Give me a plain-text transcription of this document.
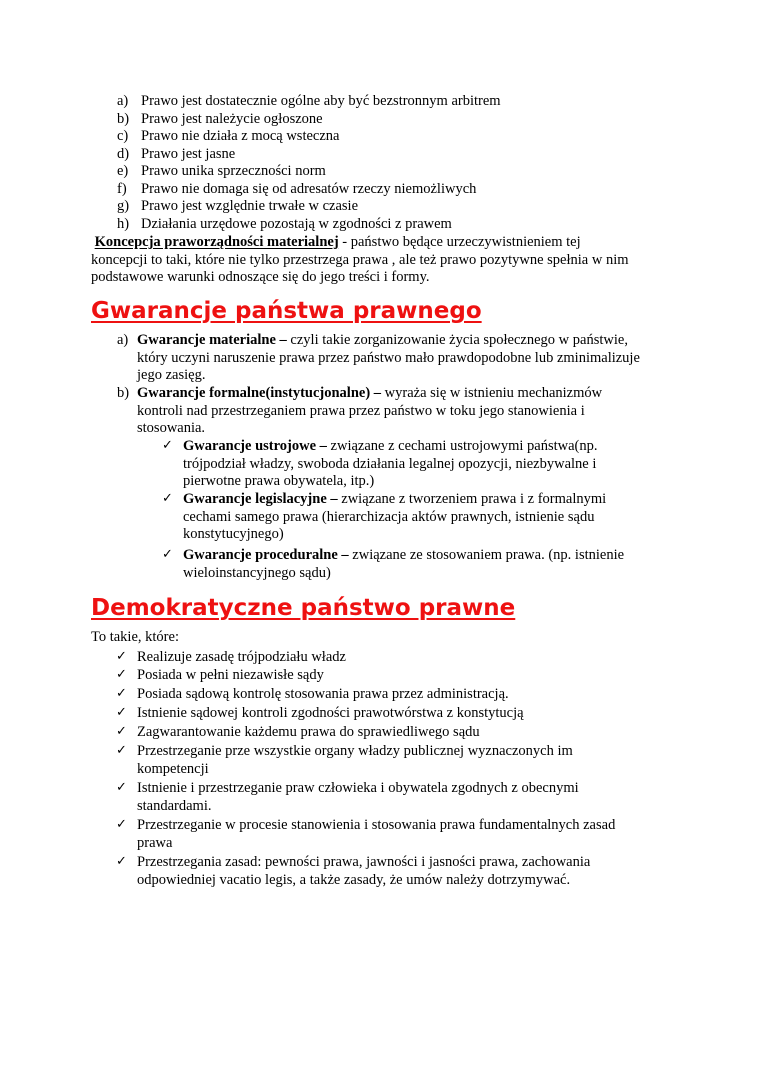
a) Prawo jest dostatecznie ogólne aby być bezstronnym arbitrem
b) Prawo jest należycie ogłoszone
c) Prawo nie działa z mocą wsteczna
d) Prawo jest jasne
e) Prawo unika sprzeczności norm
f) Prawo nie domaga się od adresatów rzeczy niemożliwych
g) Prawo jest względnie trwałe w czasie
h) Działania urzędowe pozostają w zgodności z prawem
Koncepcja praworządności materialnej - państwo będące urzeczywistnieniem tej
koncepcji to taki, które nie tylko przestrzega prawa , ale też prawo pozytywne spełnia w nim
podstawowe warunki odnoszące się do jego treści i formy.
Gwarancje państwa prawnego
a) Gwarancje materialne – czyli takie zorganizowanie życia społecznego w państwie,
który uczyni naruszenie prawa przez państwo mało prawdopodobne lub zminimalizuje
jego zasięg.
b) Gwarancje formalne(instytucjonalne) – wyraża się w istnieniu mechanizmów
kontroli nad przestrzeganiem prawa przez państwo w toku jego stanowienia i
stosowania.
✓ Gwarancje ustrojowe – związane z cechami ustrojowymi państwa(np.
trójpodział władzy, swoboda działania legalnej opozycji, niezbywalne i
pierwotne prawa obywatela, itp.)
✓ Gwarancje legislacyjne – związane z tworzeniem prawa i z formalnymi
cechami samego prawa (hierarchizacja aktów prawnych, istnienie sądu
konstytucyjnego)
✓ Gwarancje proceduralne – związane ze stosowaniem prawa. (np. istnienie
wieloinstancyjnego sądu)
Demokratyczne państwo prawne
To takie, które:
✓ Realizuje zasadę trójpodziału władz
✓ Posiada w pełni niezawisłe sądy
✓ Posiada sądową kontrolę stosowania prawa przez administracją.
✓ Istnienie sądowej kontroli zgodności prawotwórstwa z konstytucją
✓ Zagwarantowanie każdemu prawa do sprawiedliwego sądu
✓ Przestrzeganie prze wszystkie organy władzy publicznej wyznaczonych im
kompetencji
✓ Istnienie i przestrzeganie praw człowieka i obywatela zgodnych z obecnymi
standardami.
✓ Przestrzeganie w procesie stanowienia i stosowania prawa fundamentalnych zasad
prawa
✓ Przestrzegania zasad: pewności prawa, jawności i jasności prawa, zachowania
odpowiedniej vacatio legis, a także zasady, że umów należy dotrzymywać.
